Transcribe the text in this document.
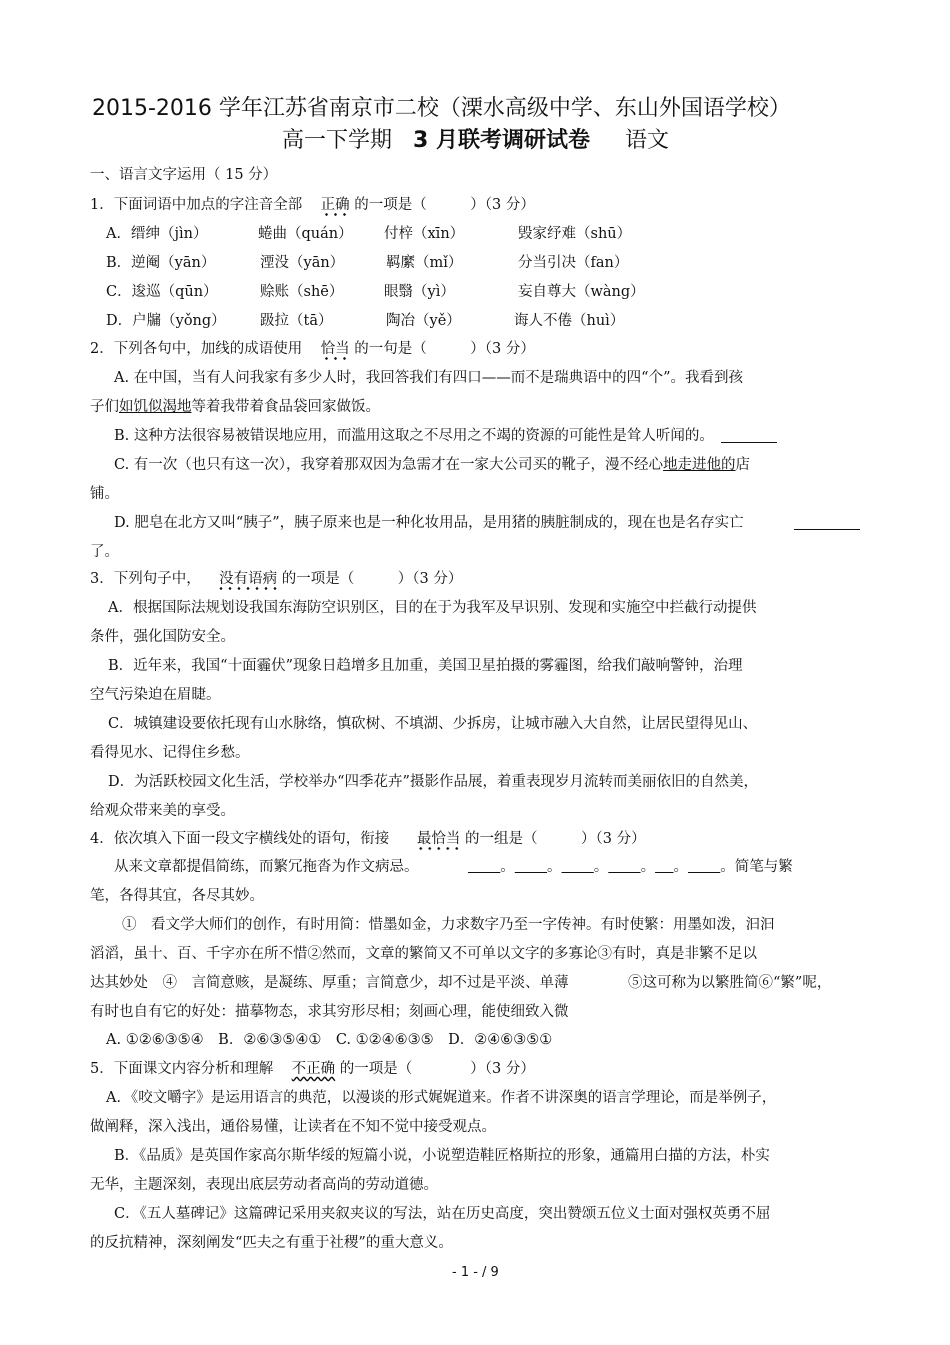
2015-2016 学年江苏省南京市二校（溧水高级中学、东山外国语学校）
高一下学期 3 月联考调研试卷 语文
一、语言文字运用（ 15 分）
1．下面词语中加点的字注音全部 正确 的一项是（　　　）（3 分）
A．缙绅（jìn）	蜷曲（quán） 付梓（xīn）	毁家纾难（shū）
B．逆阉（yān）	湮没（yān）	羁縻（mǐ）	分当引决（fan）
C．逡巡（qūn）	赊账（shē）	眼翳（yì）	妄自尊大（wàng）
D．户牖（yǒng） 趿拉（tā）	陶冶（yě）	诲人不倦（huì）
2．下列各句中，加线的成语使用 恰当 的一句是（　　　）（3 分）
A. 在中国，当有人问我家有多少人时，我回答我们有四口——而不是瑞典语中的四“个”。我看到孩
子们如饥似渴地等着我带着食品袋回家做饭。
B. 这种方法很容易被错误地应用，而滥用这取之不尽用之不竭的资源的可能性是耸人听闻的。
C. 有一次（也只有这一次），我穿着那双因为急需才在一家大公司买的靴子，漫不经心地走进他的店
铺。
D. 肥皂在北方又叫“胰子”，胰子原来也是一种化妆用品，是用猪的胰脏制成的，现在也是名存实亡
了。
3．下列句子中， 没有语病 的一项是（　　　）（3 分）
A．根据国际法规划设我国东海防空识别区，目的在于为我军及早识别、发现和实施空中拦截行动提供
条件，强化国防安全。
B．近年来，我国“十面霾伏”现象日趋增多且加重，美国卫星拍摄的雾霾图，给我们敲响警钟，治理
空气污染迫在眉睫。
C．城镇建设要依托现有山水脉络，慎砍树、不填湖、少拆房，让城市融入大自然，让居民望得见山、
看得见水、记得住乡愁。
D．为活跃校园文化生活，学校举办“四季花卉”摄影作品展，着重表现岁月流转而美丽依旧的自然美，
给观众带来美的享受。
4．依次填入下面一段文字横线处的语句，衔接 最恰当 的一组是（　　　）（3 分）
从来文章都提倡简练，而繁冗拖沓为作文病忌。	。 。 。 。 。 。简笔与繁
笔，各得其宜，各尽其妙。
①　看文学大师们的创作，有时用简：惜墨如金，力求数字乃至一字传神。有时使繁：用墨如泼，汩汩
滔滔，虽十、百、千字亦在所不惜②然而，文章的繁简又不可单以文字的多寡论③有时，真是非繁不足以
达其妙处　④　言简意赅，是凝练、厚重；言简意少，却不过是平淡、单薄	⑤这可称为以繁胜简⑥“繁”呢，
有时也自有它的好处：描摹物态，求其穷形尽相；刻画心理，能使细致入微
A. ①②⑥③⑤④　B．②⑥③⑤④①　C. ①②④⑥③⑤　D．②④⑥③⑤①
5．下面课文内容分析和理解 不正确 的一项是（　　　　）（3 分）
A．《咬文嚼字》是运用语言的典范，以漫谈的形式娓娓道来。作者不讲深奥的语言学理论，而是举例子，
做阐释，深入浅出，通俗易懂，让读者在不知不觉中接受观点。
B．《品质》是英国作家高尔斯华绥的短篇小说，小说塑造鞋匠格斯拉的形象，通篇用白描的方法，朴实
无华，主题深刻，表现出底层劳动者高尚的劳动道德。
C．《五人墓碑记》这篇碑记采用夹叙夹议的写法，站在历史高度，突出赞颂五位义士面对强权英勇不屈
的反抗精神，深刻阐发“匹夫之有重于社稷”的重大意义。
- 1 - / 9
